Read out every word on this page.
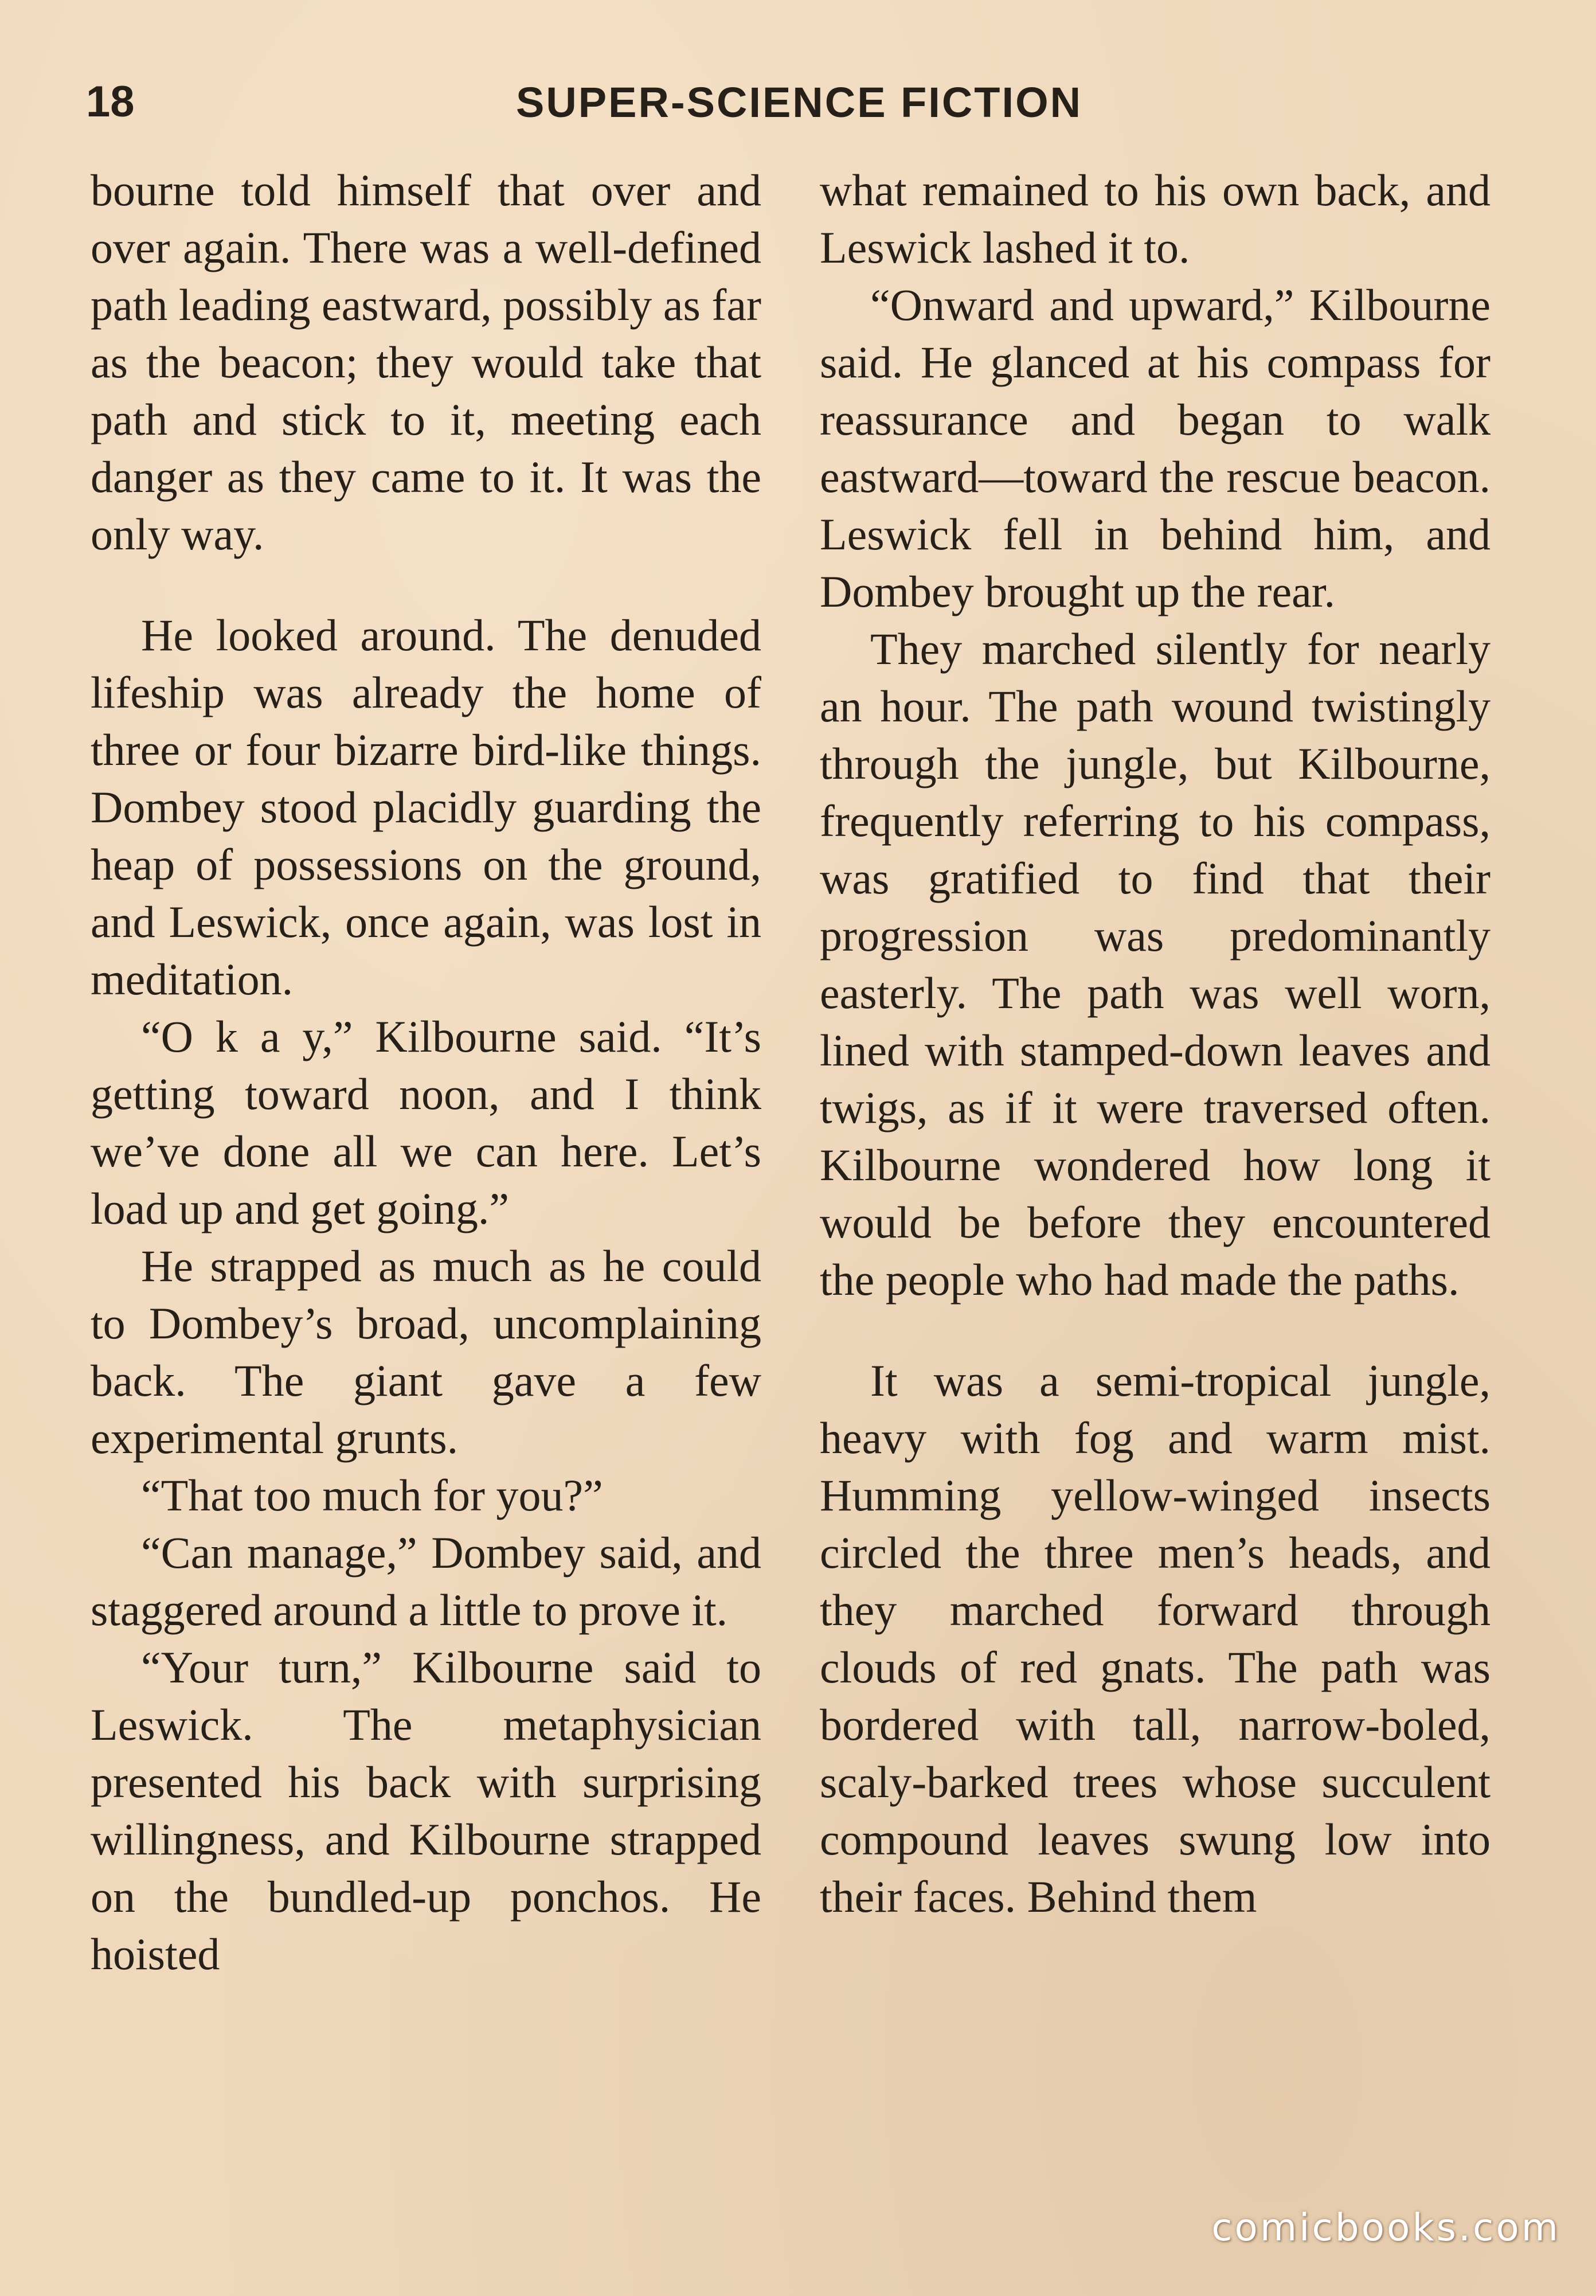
18	SUPER-SCIENCE FICTION

bourne told himself that over and over again. There was a well-defined path leading eastward, possibly as far as the beacon; they would take that path and stick to it, meeting each danger as they came to it. It was the only way.

He looked around. The denuded lifeship was already the home of three or four bizarre bird-like things. Dombey stood placidly guarding the heap of possessions on the ground, and Leswick, once again, was lost in meditation.

“O k a y,” Kilbourne said. “It’s getting toward noon, and I think we’ve done all we can here. Let’s load up and get going.”

He strapped as much as he could to Dombey’s broad, uncomplaining back. The giant gave a few experimental grunts.

“That too much for you?”

“Can manage,” Dombey said, and staggered around a little to prove it.

“Your turn,” Kilbourne said to Leswick. The metaphysician presented his back with surprising willingness, and Kilbourne strapped on the bundled-up ponchos. He hoisted

what remained to his own back, and Leswick lashed it to.

“Onward and upward,” Kilbourne said. He glanced at his compass for reassurance and began to walk eastward—toward the rescue beacon. Leswick fell in behind him, and Dombey brought up the rear.

They marched silently for nearly an hour. The path wound twistingly through the jungle, but Kilbourne, frequently referring to his compass, was gratified to find that their progression was predominantly easterly. The path was well worn, lined with stamped-down leaves and twigs, as if it were traversed often. Kilbourne wondered how long it would be before they encountered the people who had made the paths.

It was a semi-tropical jungle, heavy with fog and warm mist. Humming yellow-winged insects circled the three men’s heads, and they marched forward through clouds of red gnats. The path was bordered with tall, narrow-boled, scaly-barked trees whose succulent compound leaves swung low into their faces. Behind them

comicbooks.com
